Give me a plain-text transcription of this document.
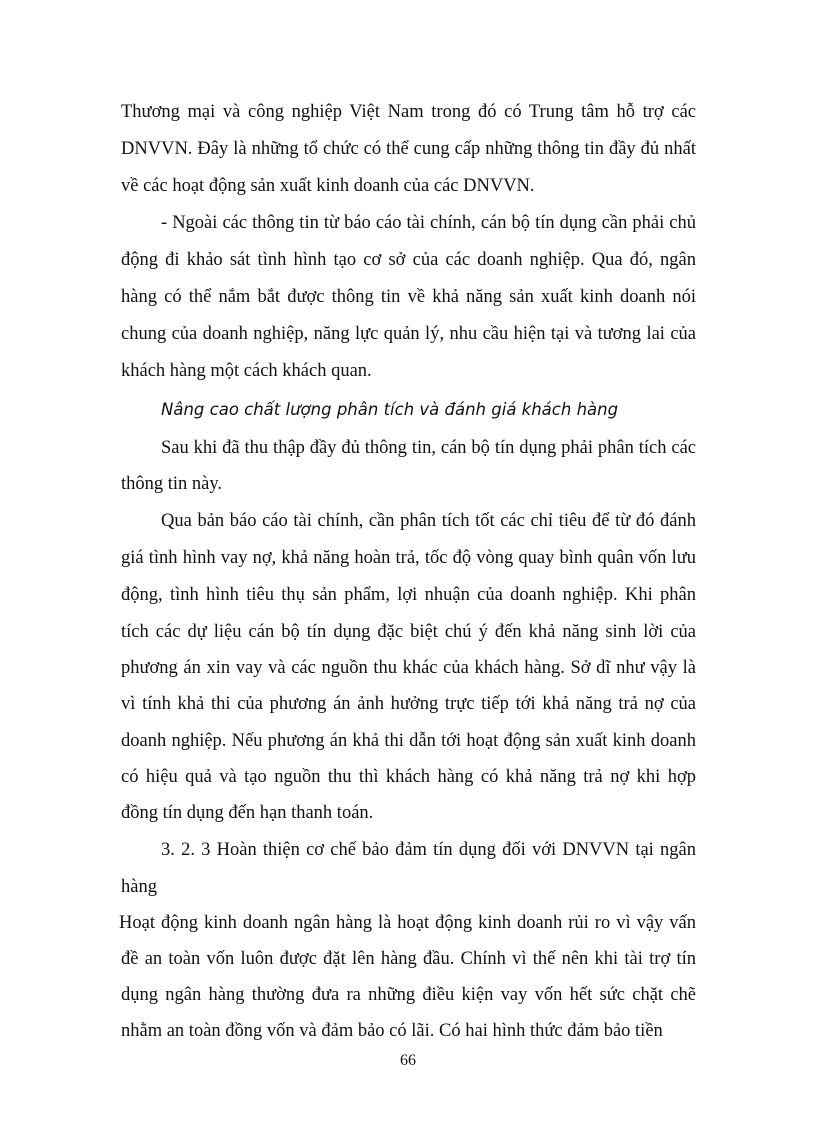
Thương mại và công nghiệp Việt Nam trong đó có Trung tâm hỗ trợ các
DNVVN. Đây là những tổ chức có thể cung cấp những thông tin đầy đủ nhất
về các hoạt động sản xuất kinh doanh của các DNVVN.
- Ngoài các thông tin từ báo cáo tài chính, cán bộ tín dụng cần phải chủ
động đi khảo sát tình hình tạo cơ sở của các doanh nghiệp. Qua đó, ngân
hàng có thể nắm bắt được thông tin về khả năng sản xuất kinh doanh nói
chung của doanh nghiệp, năng lực quản lý, nhu cầu hiện tại và tương lai của
khách hàng một cách khách quan.
Nâng cao chất lượng phân tích và đánh giá khách hàng
Sau khi đã thu thập đầy đủ thông tin, cán bộ tín dụng phải phân tích các
thông tin này.
Qua bản báo cáo tài chính, cần phân tích tốt các chỉ tiêu để từ đó đánh
giá tình hình vay nợ, khả năng hoàn trả, tốc độ vòng quay bình quân vốn lưu
động, tình hình tiêu thụ sản phẩm, lợi nhuận của doanh nghiệp. Khi phân
tích các dự liệu cán bộ tín dụng đặc biệt chú ý đến khả năng sinh lời của
phương án xin vay và các nguồn thu khác của khách hàng. Sở dĩ như vậy là
vì tính khả thi của phương án ảnh hưởng trực tiếp tới khả năng trả nợ của
doanh nghiệp. Nếu phương án khả thi dẫn tới hoạt động sản xuất kinh doanh
có hiệu quả và tạo nguồn thu thì khách hàng có khả năng trả nợ khi hợp
đồng tín dụng đến hạn thanh toán.
3. 2. 3 Hoàn thiện cơ chế bảo đảm tín dụng đối với DNVVN tại ngân
hàng
Hoạt động kinh doanh ngân hàng là hoạt động kinh doanh rủi ro vì vậy vấn
đề an toàn vốn luôn được đặt lên hàng đầu. Chính vì thế nên khi tài trợ tín
dụng ngân hàng thường đưa ra những điều kiện vay vốn hết sức chặt chẽ
nhằm an toàn đồng vốn và đảm bảo có lãi. Có hai hình thức đảm bảo tiền
66
